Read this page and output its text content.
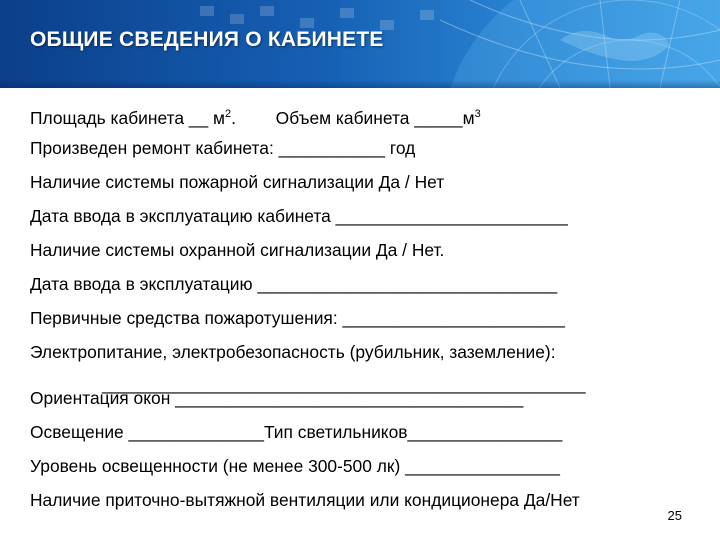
ОБЩИЕ СВЕДЕНИЯ О КАБИНЕТЕ
Площадь кабинета __ $м^2$. Объем кабинета $\_\_\_\_\_м^3$
Произведен ремонт кабинета: ___________ год
Наличие системы пожарной сигнализации Да / Нет
Дата ввода в эксплуатацию кабинета ________________________
Наличие системы охранной сигнализации Да / Нет.
Дата ввода в эксплуатацию _______________________________
Первичные средства пожаротушения: _______________________
Электропитание, электробезопасность (рубильник, заземление):
__________________________________________________
Ориентация окон ____________________________________
Освещение ______________Тип светильников________________
Уровень освещенности (не менее 300-500 лк) ________________
Наличие приточно-вытяжной вентиляции или кондиционера Да/Нет
25
